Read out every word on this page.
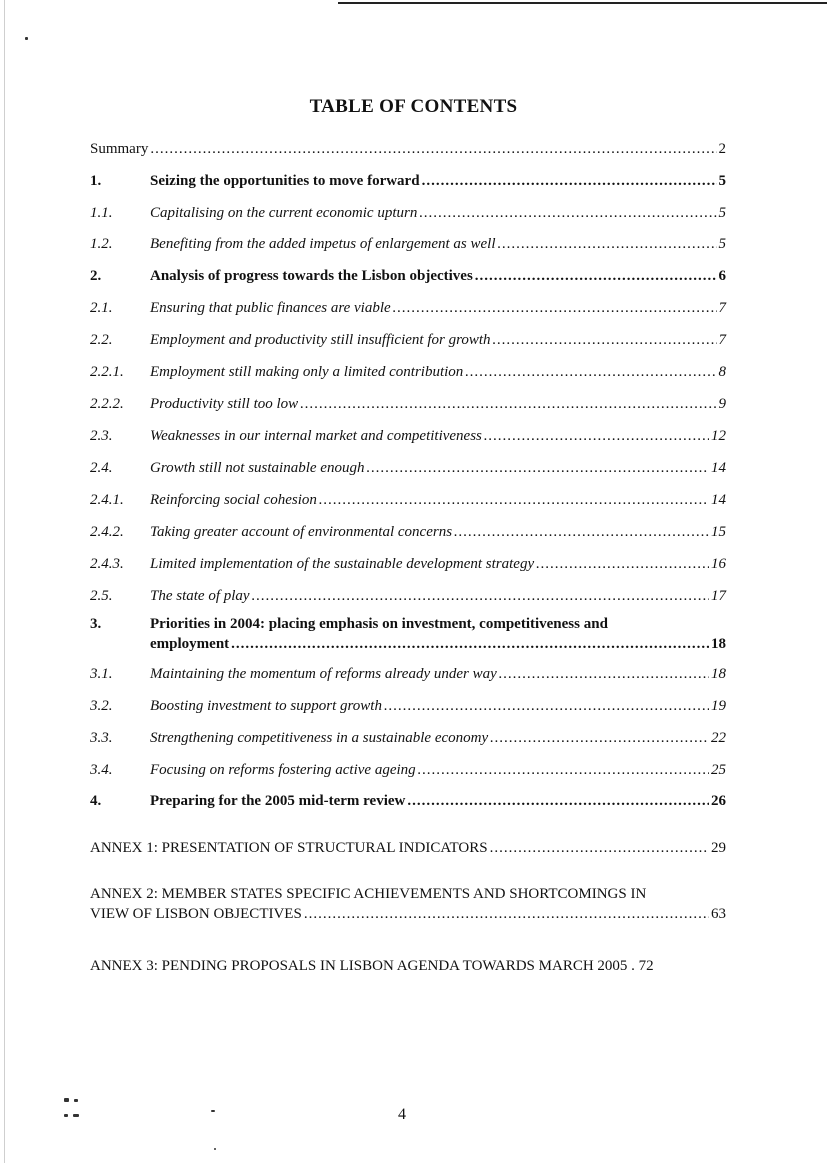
TABLE OF CONTENTS
Summary .....	2
1.	Seizing the opportunities to move forward .....	5
1.1.	Capitalising on the current economic upturn .....	5
1.2.	Benefiting from the added impetus of enlargement as well .....	5
2.	Analysis of progress towards the Lisbon objectives .....	6
2.1.	Ensuring that public finances are viable .....	7
2.2.	Employment and productivity still insufficient for growth .....	7
2.2.1.	Employment still making only a limited contribution .....	8
2.2.2.	Productivity still too low .....	9
2.3.	Weaknesses in our internal market and competitiveness .....	12
2.4.	Growth still not sustainable enough .....	14
2.4.1.	Reinforcing social cohesion .....	14
2.4.2.	Taking greater account of environmental concerns .....	15
2.4.3.	Limited implementation of the sustainable development strategy .....	16
2.5.	The state of play .....	17
3.	Priorities in 2004: placing emphasis on investment, competitiveness and
employment .....	18
3.1.	Maintaining the momentum of reforms already under way .....	18
3.2.	Boosting investment to support growth .....	19
3.3.	Strengthening competitiveness in a sustainable economy .....	22
3.4.	Focusing on reforms fostering active ageing .....	25
4.	Preparing for the 2005 mid-term review .....	26
ANNEX 1: PRESENTATION OF STRUCTURAL INDICATORS .....	29
ANNEX 2: MEMBER STATES SPECIFIC ACHIEVEMENTS AND SHORTCOMINGS IN
VIEW OF LISBON OBJECTIVES .....	63
ANNEX 3: PENDING PROPOSALS IN LISBON AGENDA TOWARDS MARCH 2005 . 72
4
